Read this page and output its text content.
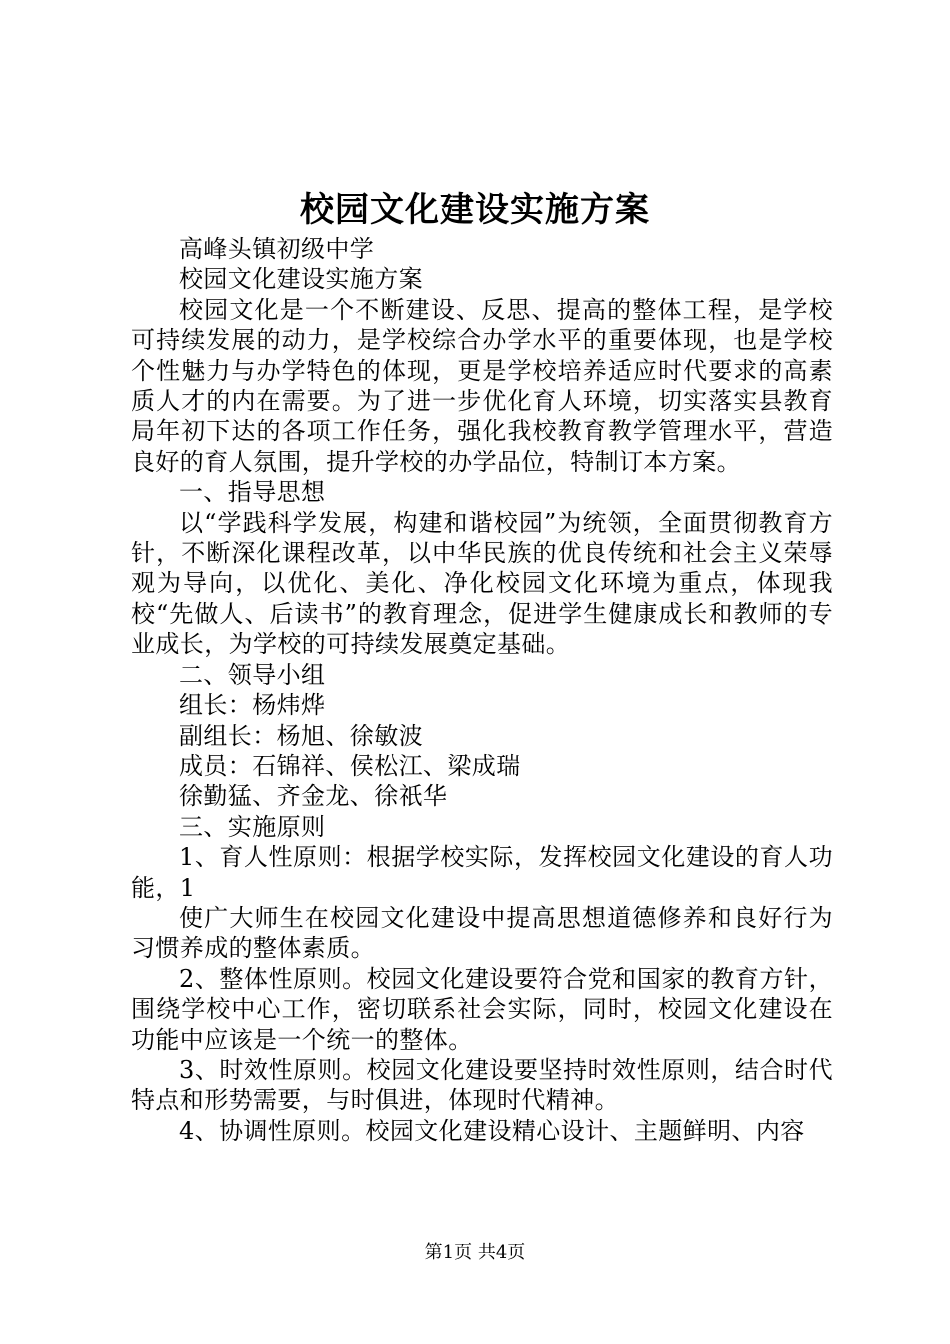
校园文化建设实施方案

高峰头镇初级中学

校园文化建设实施方案

校园文化是一个不断建设、反思、提高的整体工程，是学校可持续发展的动力，是学校综合办学水平的重要体现，也是学校个性魅力与办学特色的体现，更是学校培养适应时代要求的高素质人才的内在需要。为了进一步优化育人环境，切实落实县教育局年初下达的各项工作任务，强化我校教育教学管理水平，营造良好的育人氛围，提升学校的办学品位，特制订本方案。

一、指导思想

以“学践科学发展，构建和谐校园”为统领，全面贯彻教育方针，不断深化课程改革，以中华民族的优良传统和社会主义荣辱观为导向，以优化、美化、净化校园文化环境为重点，体现我校“先做人、后读书”的教育理念，促进学生健康成长和教师的专业成长，为学校的可持续发展奠定基础。

二、领导小组

组长：杨炜烨

副组长：杨旭、徐敏波

成员：石锦祥、侯松江、梁成瑞

徐勤猛、齐金龙、徐祇华

三、实施原则

1、育人性原则：根据学校实际，发挥校园文化建设的育人功能，1

使广大师生在校园文化建设中提高思想道德修养和良好行为习惯养成的整体素质。

2、整体性原则。校园文化建设要符合党和国家的教育方针，围绕学校中心工作，密切联系社会实际，同时，校园文化建设在功能中应该是一个统一的整体。

3、时效性原则。校园文化建设要坚持时效性原则，结合时代特点和形势需要，与时俱进，体现时代精神。

4、协调性原则。校园文化建设精心设计、主题鲜明、内容

第1页 共4页
